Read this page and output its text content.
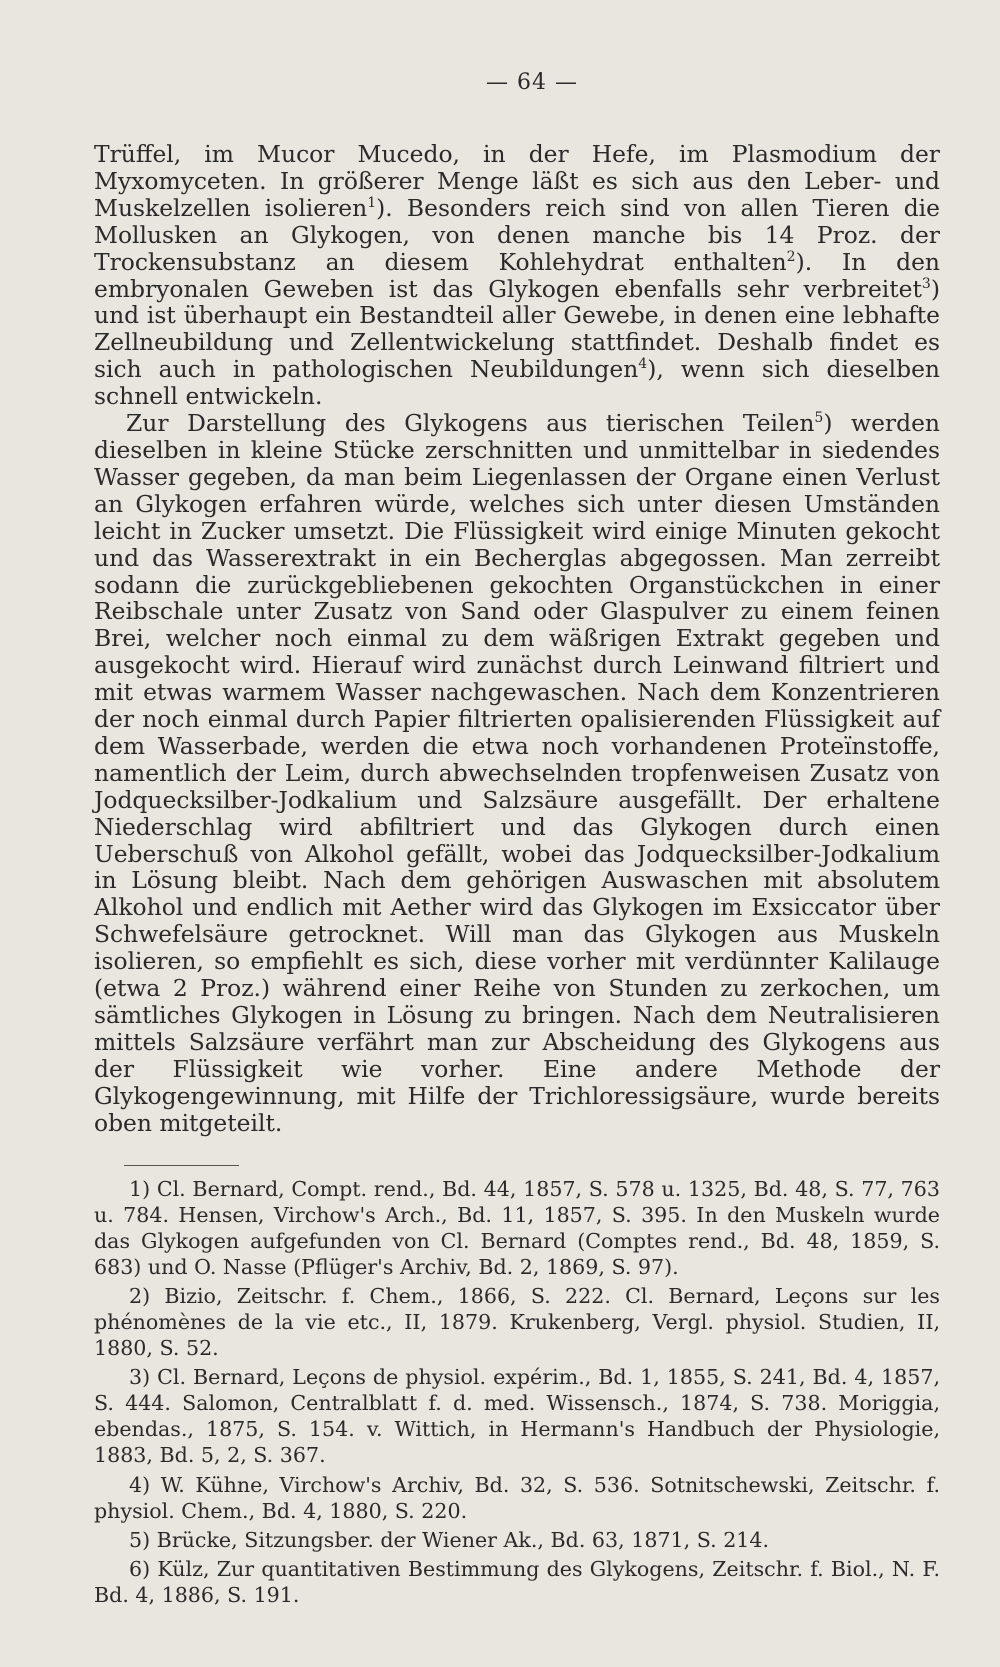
— 64 —

Trüffel, im Mucor Mucedo, in der Hefe, im Plasmodium der Myxomyceten. In größerer Menge läßt es sich aus den Leber- und Muskelzellen isolieren$^1$). Besonders reich sind von allen Tieren die Mollusken an Glykogen, von denen manche bis 14 Proz. der Trockensubstanz an diesem Kohlehydrat enthalten$^2$). In den embryonalen Geweben ist das Glykogen ebenfalls sehr verbreitet$^3$) und ist überhaupt ein Bestandteil aller Gewebe, in denen eine lebhafte Zellneubildung und Zellentwickelung stattfindet. Deshalb findet es sich auch in pathologischen Neubildungen$^4$), wenn sich dieselben schnell entwickeln.

Zur Darstellung des Glykogens aus tierischen Teilen$^5$) werden dieselben in kleine Stücke zerschnitten und unmittelbar in siedendes Wasser gegeben, da man beim Liegenlassen der Organe einen Verlust an Glykogen erfahren würde, welches sich unter diesen Umständen leicht in Zucker umsetzt. Die Flüssigkeit wird einige Minuten gekocht und das Wasserextrakt in ein Becherglas abgegossen. Man zerreibt sodann die zurückgebliebenen gekochten Organstückchen in einer Reibschale unter Zusatz von Sand oder Glaspulver zu einem feinen Brei, welcher noch einmal zu dem wäßrigen Extrakt gegeben und ausgekocht wird. Hierauf wird zunächst durch Leinwand filtriert und mit etwas warmem Wasser nachgewaschen. Nach dem Konzentrieren der noch einmal durch Papier filtrierten opalisierenden Flüssigkeit auf dem Wasserbade, werden die etwa noch vorhandenen Proteïnstoffe, namentlich der Leim, durch abwechselnden tropfenweisen Zusatz von Jodquecksilber-Jodkalium und Salzsäure ausgefällt. Der erhaltene Niederschlag wird abfiltriert und das Glykogen durch einen Ueberschuß von Alkohol gefällt, wobei das Jodquecksilber-Jodkalium in Lösung bleibt. Nach dem gehörigen Auswaschen mit absolutem Alkohol und endlich mit Aether wird das Glykogen im Exsiccator über Schwefelsäure getrocknet. Will man das Glykogen aus Muskeln isolieren, so empfiehlt es sich, diese vorher mit verdünnter Kalilauge (etwa 2 Proz.) während einer Reihe von Stunden zu zerkochen, um sämtliches Glykogen in Lösung zu bringen. Nach dem Neutralisieren mittels Salzsäure verfährt man zur Abscheidung des Glykogens aus der Flüssigkeit wie vorher. Eine andere Methode der Glykogengewinnung, mit Hilfe der Trichloressigsäure, wurde bereits oben mitgeteilt.

1) Cl. Bernard, Compt. rend., Bd. 44, 1857, S. 578 u. 1325, Bd. 48, S. 77, 763 u. 784. Hensen, Virchow's Arch., Bd. 11, 1857, S. 395. In den Muskeln wurde das Glykogen aufgefunden von Cl. Bernard (Comptes rend., Bd. 48, 1859, S. 683) und O. Nasse (Pflüger's Archiv, Bd. 2, 1869, S. 97).

2) Bizio, Zeitschr. f. Chem., 1866, S. 222. Cl. Bernard, Leçons sur les phénomènes de la vie etc., II, 1879. Krukenberg, Vergl. physiol. Studien, II, 1880, S. 52.

3) Cl. Bernard, Leçons de physiol. expérim., Bd. 1, 1855, S. 241, Bd. 4, 1857, S. 444. Salomon, Centralblatt f. d. med. Wissensch., 1874, S. 738. Moriggia, ebendas., 1875, S. 154. v. Wittich, in Hermann's Handbuch der Physiologie, 1883, Bd. 5, 2, S. 367.

4) W. Kühne, Virchow's Archiv, Bd. 32, S. 536. Sotnitschewski, Zeitschr. f. physiol. Chem., Bd. 4, 1880, S. 220.

5) Brücke, Sitzungsber. der Wiener Ak., Bd. 63, 1871, S. 214.

6) Külz, Zur quantitativen Bestimmung des Glykogens, Zeitschr. f. Biol., N. F. Bd. 4, 1886, S. 191.
